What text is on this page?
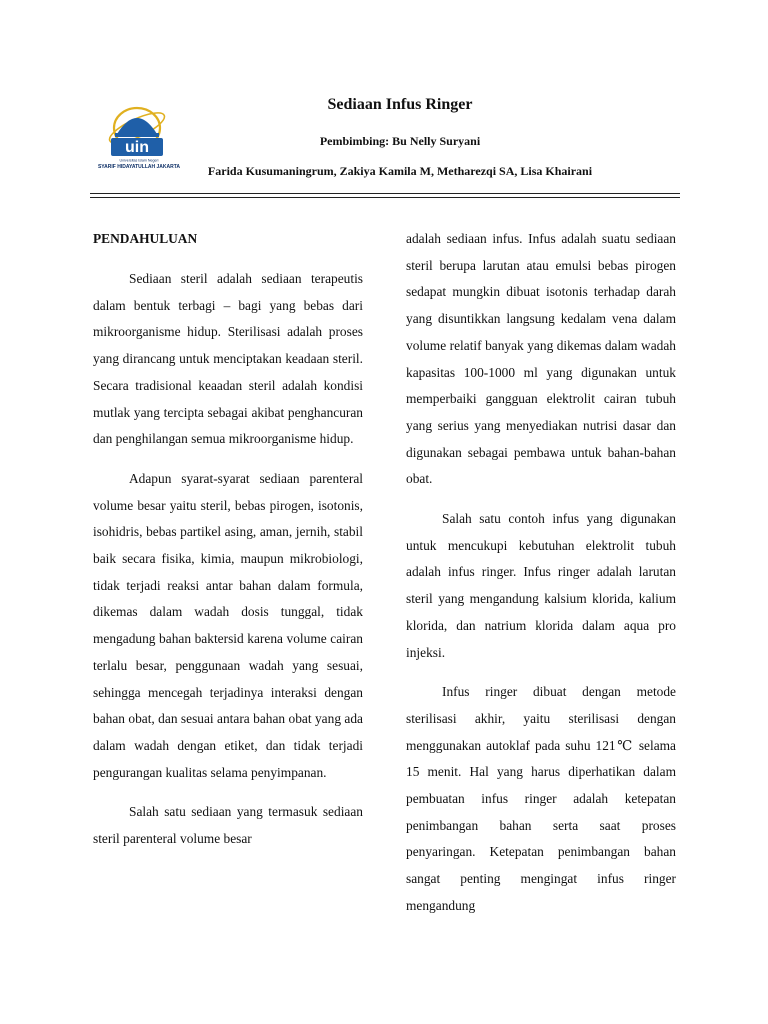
uin
Universitas Islam Negeri
SYARIF HIDAYATULLAH JAKARTA
Sediaan Infus Ringer

Pembimbing: Bu Nelly Suryani

Farida Kusumaningrum, Zakiya Kamila M, Metharezqi SA, Lisa Khairani

PENDAHULUAN

Sediaan steril adalah sediaan terapeutis dalam bentuk terbagi – bagi yang bebas dari mikroorganisme hidup. Sterilisasi adalah proses yang dirancang untuk menciptakan keadaan steril. Secara tradisional keaadan steril adalah kondisi mutlak yang tercipta sebagai akibat penghancuran dan penghilangan semua mikroorganisme hidup.

Adapun syarat-syarat sediaan parenteral volume besar yaitu steril, bebas pirogen, isotonis, isohidris, bebas partikel asing, aman, jernih, stabil baik secara fisika, kimia, maupun mikrobiologi, tidak terjadi reaksi antar bahan dalam formula, dikemas dalam wadah dosis tunggal, tidak mengadung bahan baktersid karena volume cairan terlalu besar, penggunaan wadah yang sesuai, sehingga mencegah terjadinya interaksi dengan bahan obat, dan sesuai antara bahan obat yang ada dalam wadah dengan etiket, dan tidak terjadi pengurangan kualitas selama penyimpanan.

Salah satu sediaan yang termasuk sediaan steril parenteral volume besar

adalah sediaan infus. Infus adalah suatu sediaan steril berupa larutan atau emulsi bebas pirogen sedapat mungkin dibuat isotonis terhadap darah yang disuntikkan langsung kedalam vena dalam volume relatif banyak yang dikemas dalam wadah kapasitas 100-1000 ml yang digunakan untuk memperbaiki gangguan elektrolit cairan tubuh yang serius yang menyediakan nutrisi dasar dan digunakan sebagai pembawa untuk bahan-bahan obat.

Salah satu contoh infus yang digunakan untuk mencukupi kebutuhan elektrolit tubuh adalah infus ringer. Infus ringer adalah larutan steril yang mengandung kalsium klorida, kalium klorida, dan natrium klorida dalam aqua pro injeksi.

Infus ringer dibuat dengan metode sterilisasi akhir, yaitu sterilisasi dengan menggunakan autoklaf pada suhu 121℃ selama 15 menit. Hal yang harus diperhatikan dalam pembuatan infus ringer adalah ketepatan penimbangan bahan serta saat proses penyaringan. Ketepatan penimbangan bahan sangat penting mengingat infus ringer mengandung
